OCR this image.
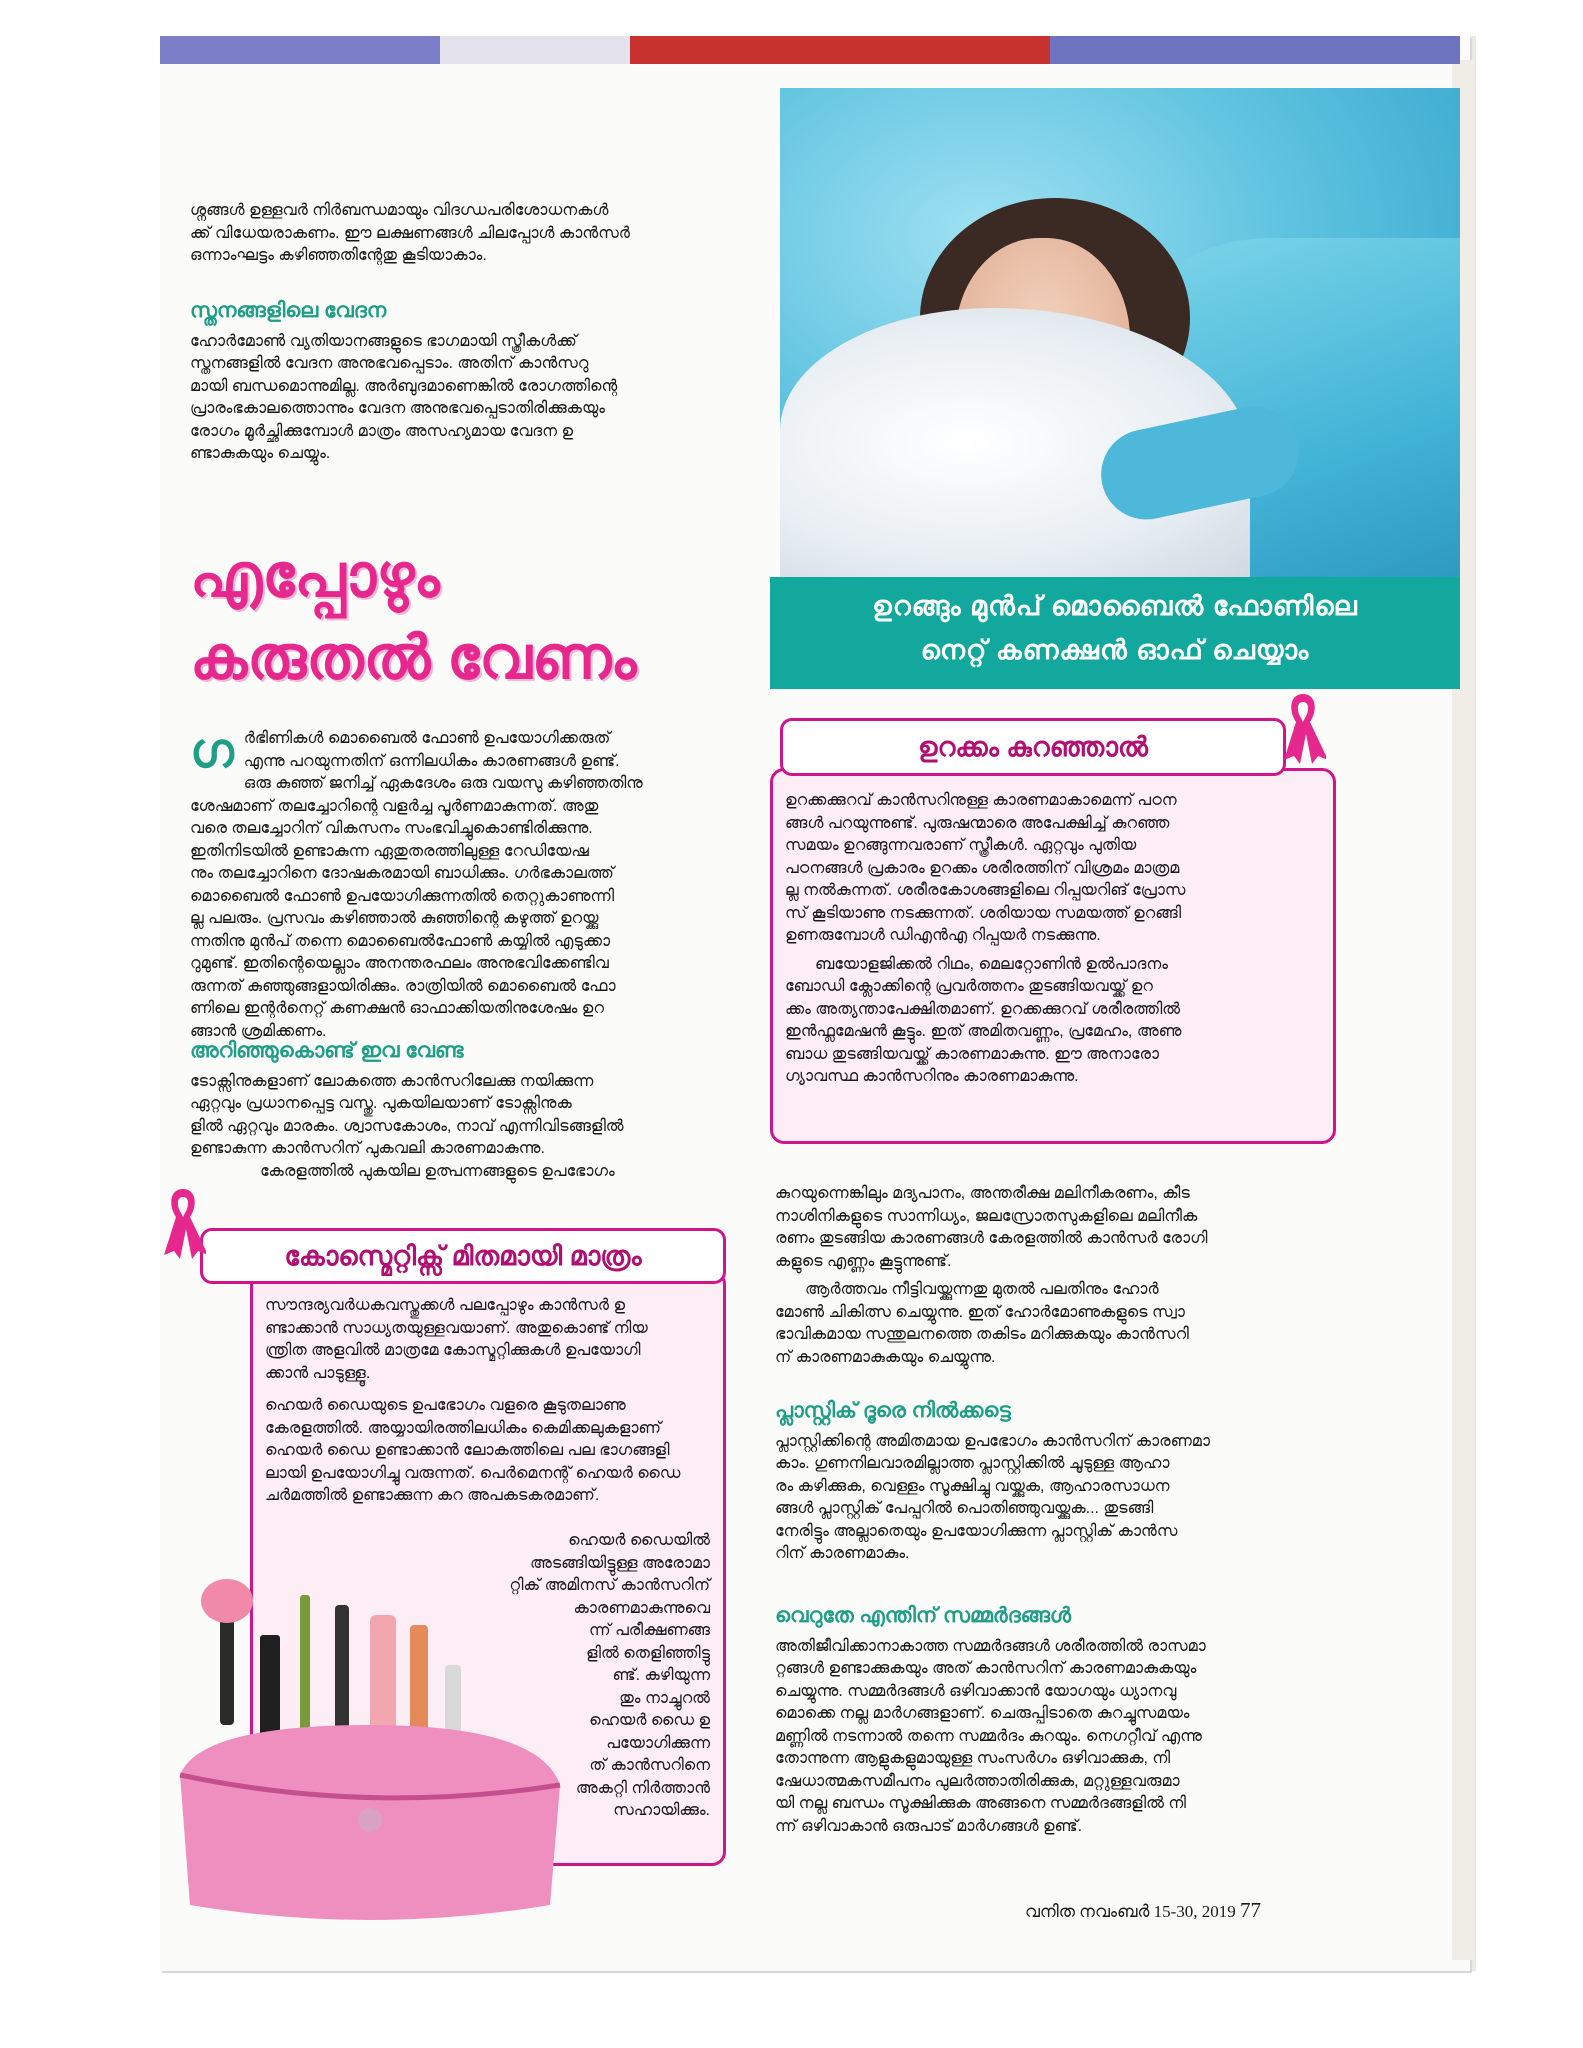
ഉറങ്ങും മുൻപ് മൊബൈൽ ഫോണിലെ

നെറ്റ് കണക്ഷൻ ഓഫ് ചെയ്യാം

ശ്നങ്ങൾ ഉള്ളവർ നിർബന്ധമായും വിദഗ്ധപരിശോധനകൾ

ക്ക് വിധേയരാകണം. ഈ ലക്ഷണങ്ങൾ ചിലപ്പോൾ കാൻസർ

ഒന്നാംഘട്ടം കഴിഞ്ഞതിന്റേതു കൂടിയാകാം.

സ്തനങ്ങളിലെ വേദന

ഹോർമോൺ വ്യതിയാനങ്ങളുടെ ഭാഗമായി സ്ത്രീകൾക്ക്

സ്തനങ്ങളിൽ വേദന അനുഭവപ്പെടാം. അതിന് കാൻസറു

മായി ബന്ധമൊന്നുമില്ല. അർബുദമാണെങ്കിൽ രോഗത്തിന്റെ

പ്രാരംഭകാലത്തൊന്നും വേദന അനുഭവപ്പെടാതിരിക്കുകയും

രോഗം മൂർച്ഛിക്കുമ്പോൾ മാത്രം അസഹ്യമായ വേദന ഉ

ണ്ടാകുകയും ചെയ്യും.

എപ്പോഴും
കരുതൽ വേണം
ഗ ർഭിണികൾ മൊബൈൽ ഫോൺ ഉപയോഗിക്കരുത്

എന്നു പറയുന്നതിന് ഒന്നിലധികം കാരണങ്ങൾ ഉണ്ട്.

ഒരു കുഞ്ഞ് ജനിച്ച് ഏകദേശം ഒരു വയസു കഴിഞ്ഞതിനു

ശേഷമാണ് തലച്ചോറിന്റെ വളർച്ച പൂർണമാകുന്നത്. അതു

വരെ തലച്ചോറിന് വികസനം സംഭവിച്ചുകൊണ്ടിരിക്കുന്നു.

ഇതിനിടയിൽ ഉണ്ടാകുന്ന ഏതുതരത്തിലുള്ള റേഡിയേഷ

നും തലച്ചോറിനെ ദോഷകരമായി ബാധിക്കും. ഗർഭകാലത്ത്

മൊബൈൽ ഫോൺ ഉപയോഗിക്കുന്നതിൽ തെറ്റുകാണുന്നി

ല്ല പലരും. പ്രസവം കഴിഞ്ഞാൽ കുഞ്ഞിന്റെ കഴുത്ത് ഉറയ്ക്കു

ന്നതിനു മുൻപ് തന്നെ മൊബൈൽഫോൺ കയ്യിൽ എടുക്കാ

റുമുണ്ട്. ഇതിന്റെയെല്ലാം അനന്തരഫലം അനുഭവിക്കേണ്ടിവ

രുന്നത് കുഞ്ഞുങ്ങളായിരിക്കും. രാത്രിയിൽ മൊബൈൽ ഫോ

ണിലെ ഇന്റർനെറ്റ് കണക്ഷൻ ഓഫാക്കിയതിനുശേഷം ഉറ

ങ്ങാൻ ശ്രമിക്കണം.

അറിഞ്ഞുകൊണ്ട് ഇവ വേണ്ട

ടോക്സിനുകളാണ് ലോകത്തെ കാൻസറിലേക്കു നയിക്കുന്ന

ഏറ്റവും പ്രധാനപ്പെട്ട വസ്തു. പുകയിലയാണ് ടോക്സിനുക

ളിൽ ഏറ്റവും മാരകം. ശ്വാസകോശം, നാവ് എന്നിവിടങ്ങളിൽ

ഉണ്ടാകുന്ന കാൻസറിന് പുകവലി കാരണമാകുന്നു.

കേരളത്തിൽ പുകയില ഉത്പന്നങ്ങളുടെ ഉപഭോഗം

കോസ്മെറ്റിക്സ് മിതമായി മാത്രം

സൗന്ദര്യവർധകവസ്തുക്കൾ പലപ്പോഴും കാൻസർ ഉ

ണ്ടാക്കാൻ സാധ്യതയുള്ളവയാണ്. അതുകൊണ്ട് നിയ

ന്ത്രിത അളവിൽ മാത്രമേ കോസ്മറ്റിക്കുകൾ ഉപയോഗി

ക്കാൻ പാടുള്ളൂ.

ഹെയർ ഡൈയുടെ ഉപഭോഗം വളരെ കൂടുതലാണു

കേരളത്തിൽ. അയ്യായിരത്തിലധികം കെമിക്കലുകളാണ്

ഹെയർ ഡൈ ഉണ്ടാക്കാൻ ലോകത്തിലെ പല ഭാഗങ്ങളി

ലായി ഉപയോഗിച്ചു വരുന്നത്. പെർമെനന്റ് ഹെയർ ഡൈ

ചർമത്തിൽ ഉണ്ടാക്കുന്ന കറ അപകടകരമാണ്.

ഹെയർ ഡൈയിൽ അടങ്ങിയിട്ടുള്ള അരോമാ

റ്റിക് അമിനസ് കാൻസറിന്

കാരണമാകുന്നുവെ

ന്ന് പരീക്ഷണങ്ങ

ളിൽ തെളിഞ്ഞിട്ടു

ണ്ട്. കഴിയുന്ന

തും നാച്ചുറൽ

ഹെയർ ഡൈ ഉ

പയോഗിക്കുന്ന

ത് കാൻസറിനെ

അകറ്റി നിർത്താൻ

സഹായിക്കും.

ഉറക്കം കുറഞ്ഞാൽ

ഉറക്കക്കുറവ് കാൻസറിനുള്ള കാരണമാകാമെന്ന് പഠന

ങ്ങൾ പറയുന്നുണ്ട്. പുരുഷന്മാരെ അപേക്ഷിച്ച് കുറഞ്ഞ

സമയം ഉറങ്ങുന്നവരാണ് സ്ത്രീകൾ. ഏറ്റവും പുതിയ

പഠനങ്ങൾ പ്രകാരം ഉറക്കം ശരീരത്തിന് വിശ്രമം മാത്രമ

ല്ല നൽകുന്നത്. ശരീരകോശങ്ങളിലെ റിപ്പയറിങ് പ്രോസ

സ് കൂടിയാണു നടക്കുന്നത്. ശരിയായ സമയത്ത് ഉറങ്ങി

ഉണരുമ്പോൾ ഡിഎൻഎ റിപ്പയർ നടക്കുന്നു.

ബയോളജിക്കൽ റിഥം, മെലറ്റോണിൻ ഉൽപാദനം

ബോഡി ക്ലോക്കിന്റെ പ്രവർത്തനം തുടങ്ങിയവയ്ക്ക് ഉറ

ക്കം അത്യന്താപേക്ഷിതമാണ്. ഉറക്കക്കുറവ് ശരീരത്തിൽ

ഇൻഫ്ലമേഷൻ കൂട്ടും. ഇത് അമിതവണ്ണം, പ്രമേഹം, അണു

ബാധ തുടങ്ങിയവയ്ക്ക് കാരണമാകുന്നു. ഈ അനാരോ

ഗ്യാവസ്ഥ കാൻസറിനും കാരണമാകുന്നു.

കുറയുന്നെങ്കിലും മദ്യപാനം, അന്തരീക്ഷ മലിനീകരണം, കീട

നാശിനികളുടെ സാന്നിധ്യം, ജലസ്രോതസുകളിലെ മലിനീക

രണം തുടങ്ങിയ കാരണങ്ങൾ കേരളത്തിൽ കാൻസർ രോഗി

കളുടെ എണ്ണം കൂട്ടുന്നുണ്ട്.

ആർത്തവം നീട്ടിവയ്ക്കുന്നതു മുതൽ പലതിനും ഹോർ

മോൺ ചികിത്സ ചെയ്യുന്നു. ഇത് ഹോർമോണുകളുടെ സ്വാ

ഭാവികമായ സന്തുലനത്തെ തകിടം മറിക്കുകയും കാൻസറി

ന് കാരണമാകുകയും ചെയ്യുന്നു.

പ്ലാസ്റ്റിക് ദൂരെ നിൽക്കട്ടെ

പ്ലാസ്റ്റിക്കിന്റെ അമിതമായ ഉപഭോഗം കാൻസറിന് കാരണമാ

കാം. ഗുണനിലവാരമില്ലാത്ത പ്ലാസ്റ്റിക്കിൽ ചൂടുള്ള ആഹാ

രം കഴിക്കുക, വെള്ളം സൂക്ഷിച്ചു വയ്ക്കുക, ആഹാരസാധന

ങ്ങൾ പ്ലാസ്റ്റിക് പേപ്പറിൽ പൊതിഞ്ഞുവയ്ക്കുക... തുടങ്ങി

നേരിട്ടും അല്ലാതെയും ഉപയോഗിക്കുന്ന പ്ലാസ്റ്റിക് കാൻസ

റിന് കാരണമാകും.

വെറുതേ എന്തിന് സമ്മർദങ്ങൾ

അതിജീവിക്കാനാകാത്ത സമ്മർദങ്ങൾ ശരീരത്തിൽ രാസമാ

റ്റങ്ങൾ ഉണ്ടാക്കുകയും അത് കാൻസറിന് കാരണമാകുകയും

ചെയ്യുന്നു. സമ്മർദങ്ങൾ ഒഴിവാക്കാൻ യോഗയും ധ്യാനവു

മൊക്കെ നല്ല മാർഗങ്ങളാണ്. ചെരുപ്പിടാതെ കുറച്ചുസമയം

മണ്ണിൽ നടന്നാൽ തന്നെ സമ്മർദം കുറയും. നെഗറ്റീവ് എന്നു

തോന്നുന്ന ആളുകളുമായുള്ള സംസർഗം ഒഴിവാക്കുക, നി

ഷേധാത്മകസമീപനം പുലർത്താതിരിക്കുക, മറ്റുള്ളവരുമാ

യി നല്ല ബന്ധം സൂക്ഷിക്കുക അങ്ങനെ സമ്മർദങ്ങളിൽ നി

ന്ന് ഒഴിവാകാൻ ഒരുപാട് മാർഗങ്ങൾ ഉണ്ട്.

വനിത നവംബർ 15-30, 2019 77
